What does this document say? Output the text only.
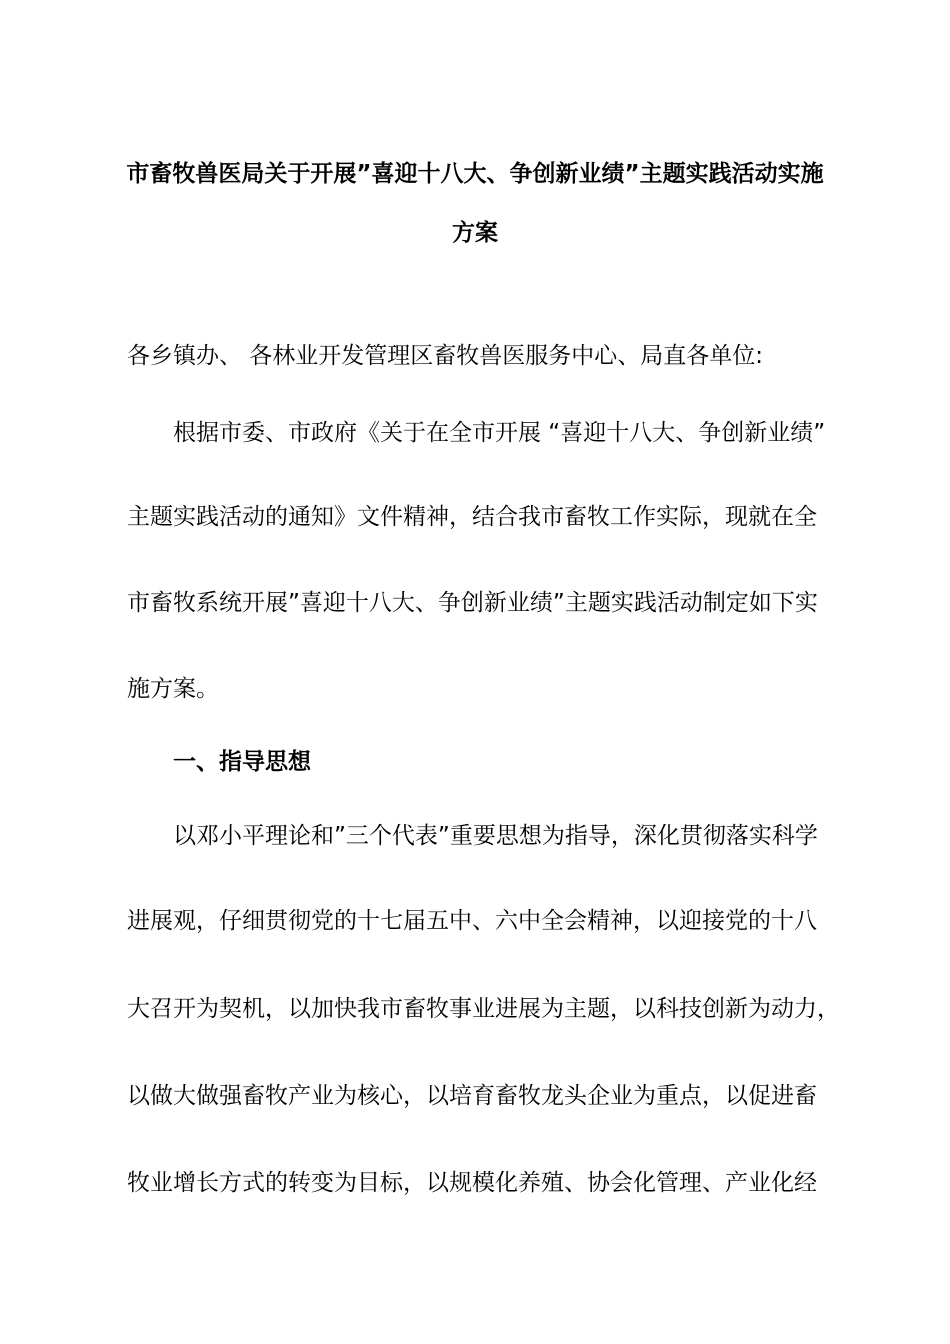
市畜牧兽医局关于开展”喜迎十八大、争创新业绩”主题实践活动实施
方案
各乡镇办、 各林业开发管理区畜牧兽医服务中心、局直各单位:
根据市委、市政府《关于在全市开展 “喜迎十八大、争创新业绩”
主题实践活动的通知》文件精神，结合我市畜牧工作实际，现就在全
市畜牧系统开展”喜迎十八大、争创新业绩”主题实践活动制定如下实
施方案。
一、指导思想
以邓小平理论和”三个代表”重要思想为指导，深化贯彻落实科学
进展观，仔细贯彻党的十七届五中、六中全会精神，以迎接党的十八
大召开为契机，以加快我市畜牧事业进展为主题，以科技创新为动力，
以做大做强畜牧产业为核心，以培育畜牧龙头企业为重点，以促进畜
牧业增长方式的转变为目标，以规模化养殖、协会化管理、产业化经
